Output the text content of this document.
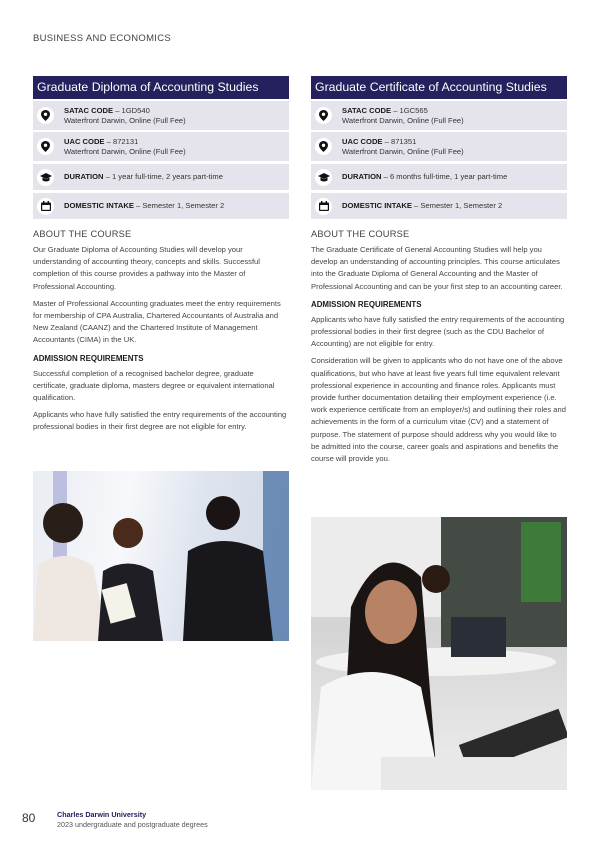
BUSINESS AND ECONOMICS
Graduate Diploma of Accounting Studies
SATAC CODE – 1GD540
Waterfront Darwin, Online (Full Fee)
UAC CODE – 872131
Waterfront Darwin, Online (Full Fee)
DURATION – 1 year full-time, 2 years part-time
DOMESTIC INTAKE – Semester 1, Semester 2
ABOUT THE COURSE

Our Graduate Diploma of Accounting Studies will develop your understanding of accounting theory, concepts and skills. Successful completion of this course provides a pathway into the Master of Professional Accounting.

Master of Professional Accounting graduates meet the entry requirements for membership of CPA Australia, Chartered Accountants of Australia and New Zealand (CAANZ) and the Chartered Institute of Management Accountants (CIMA) in the UK.

ADMISSION REQUIREMENTS

Successful completion of a recognised bachelor degree, graduate certificate, graduate diploma, masters degree or equivalent international qualification.

Applicants who have fully satisfied the entry requirements of the accounting professional bodies in their first degree are not eligible for entry.

Graduate Certificate of Accounting Studies
SATAC CODE – 1GC565
Waterfront Darwin, Online (Full Fee)
UAC CODE – 871351
Waterfront Darwin, Online (Full Fee)
DURATION – 6 months full-time, 1 year part-time
DOMESTIC INTAKE – Semester 1, Semester 2
ABOUT THE COURSE

The Graduate Certificate of General Accounting Studies will help you develop an understanding of accounting principles. This course articulates into the Graduate Diploma of General Accounting and the Master of Professional Accounting and can be your first step to an accounting career.

ADMISSION REQUIREMENTS

Applicants who have fully satisfied the entry requirements of the accounting professional bodies in their first degree (such as the CDU Bachelor of Accounting) are not eligible for entry.

Consideration will be given to applicants who do not have one of the above qualifications, but who have at least five years full time equivalent relevant professional experience in accounting and finance roles. Applicants must provide further documentation detailing their employment experience (i.e. work experience certificate from an employer/s) and outlining their roles and achievements in the form of a curriculum vitae (CV) and a statement of purpose. The statement of purpose should address why you would like to be admitted into the course, career goals and aspirations and benefits the course will provide you.

80	Charles Darwin University
2023 undergraduate and postgraduate degrees
